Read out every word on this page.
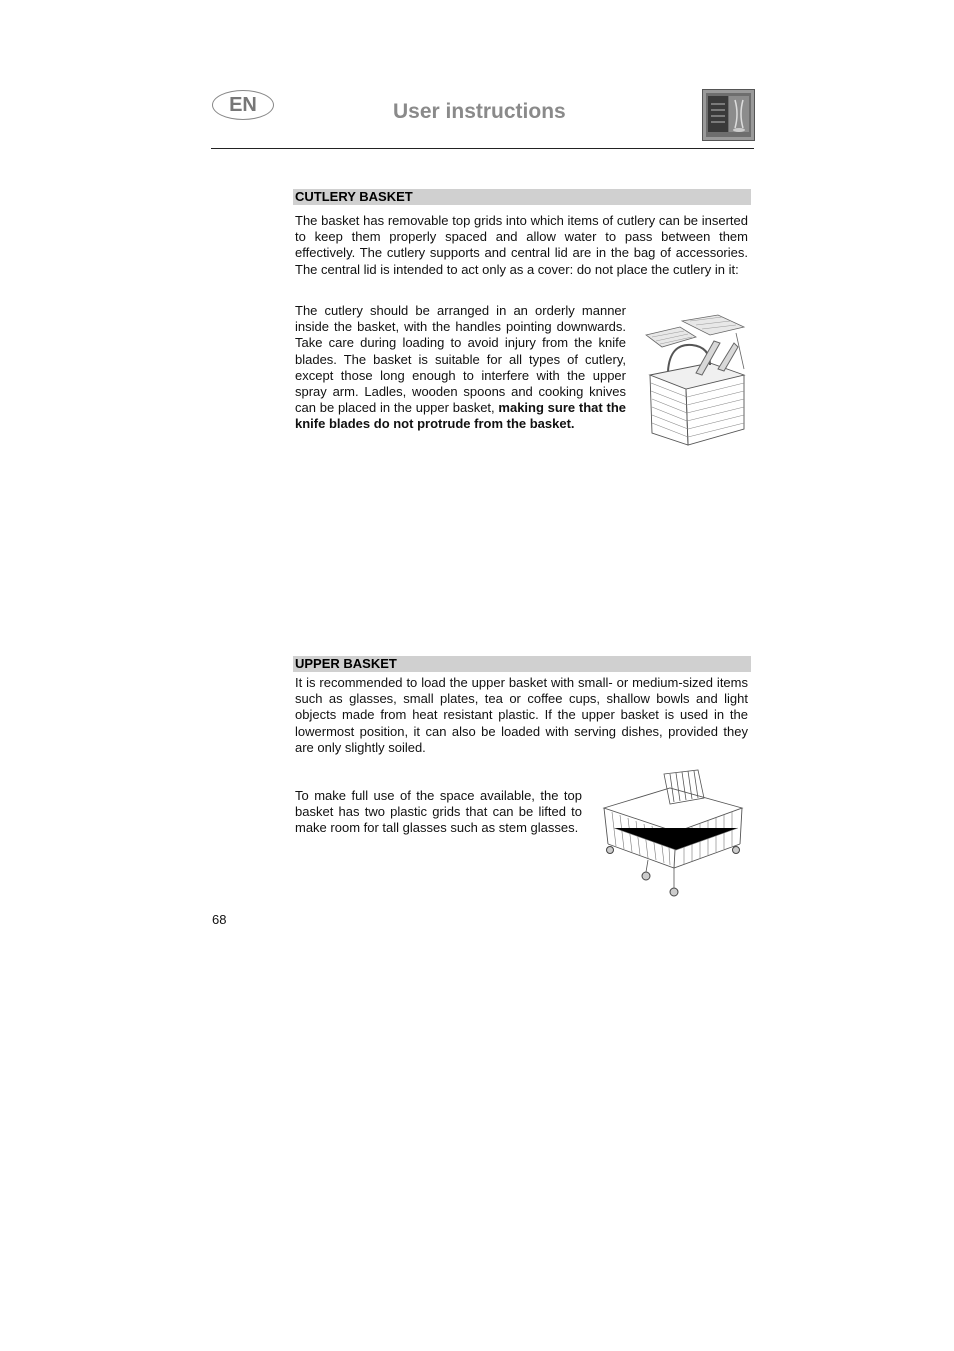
EN	User instructions
CUTLERY BASKET

The basket has removable top grids into which items of cutlery can be inserted to keep them properly spaced and allow water to pass between them effectively. The cutlery supports and central lid are in the bag of accessories. The central lid is intended to act only as a cover: do not place the cutlery in it:

The cutlery should be arranged in an orderly manner inside the basket, with the handles pointing downwards. Take care during loading to avoid injury from the knife blades. The basket is suitable for all types of cutlery, except those long enough to interfere with the upper spray arm. Ladles, wooden spoons and cooking knives can be placed in the upper basket, making sure that the knife blades do not protrude from the basket.

UPPER BASKET

It is recommended to load the upper basket with small- or medium-sized items such as glasses, small plates, tea or coffee cups, shallow bowls and light objects made from heat resistant plastic. If the upper basket is used in the lowermost position, it can also be loaded with serving dishes, provided they are only slightly soiled.

To make full use of the space available, the top basket has two plastic grids that can be lifted to make room for tall glasses such as stem glasses.

68
